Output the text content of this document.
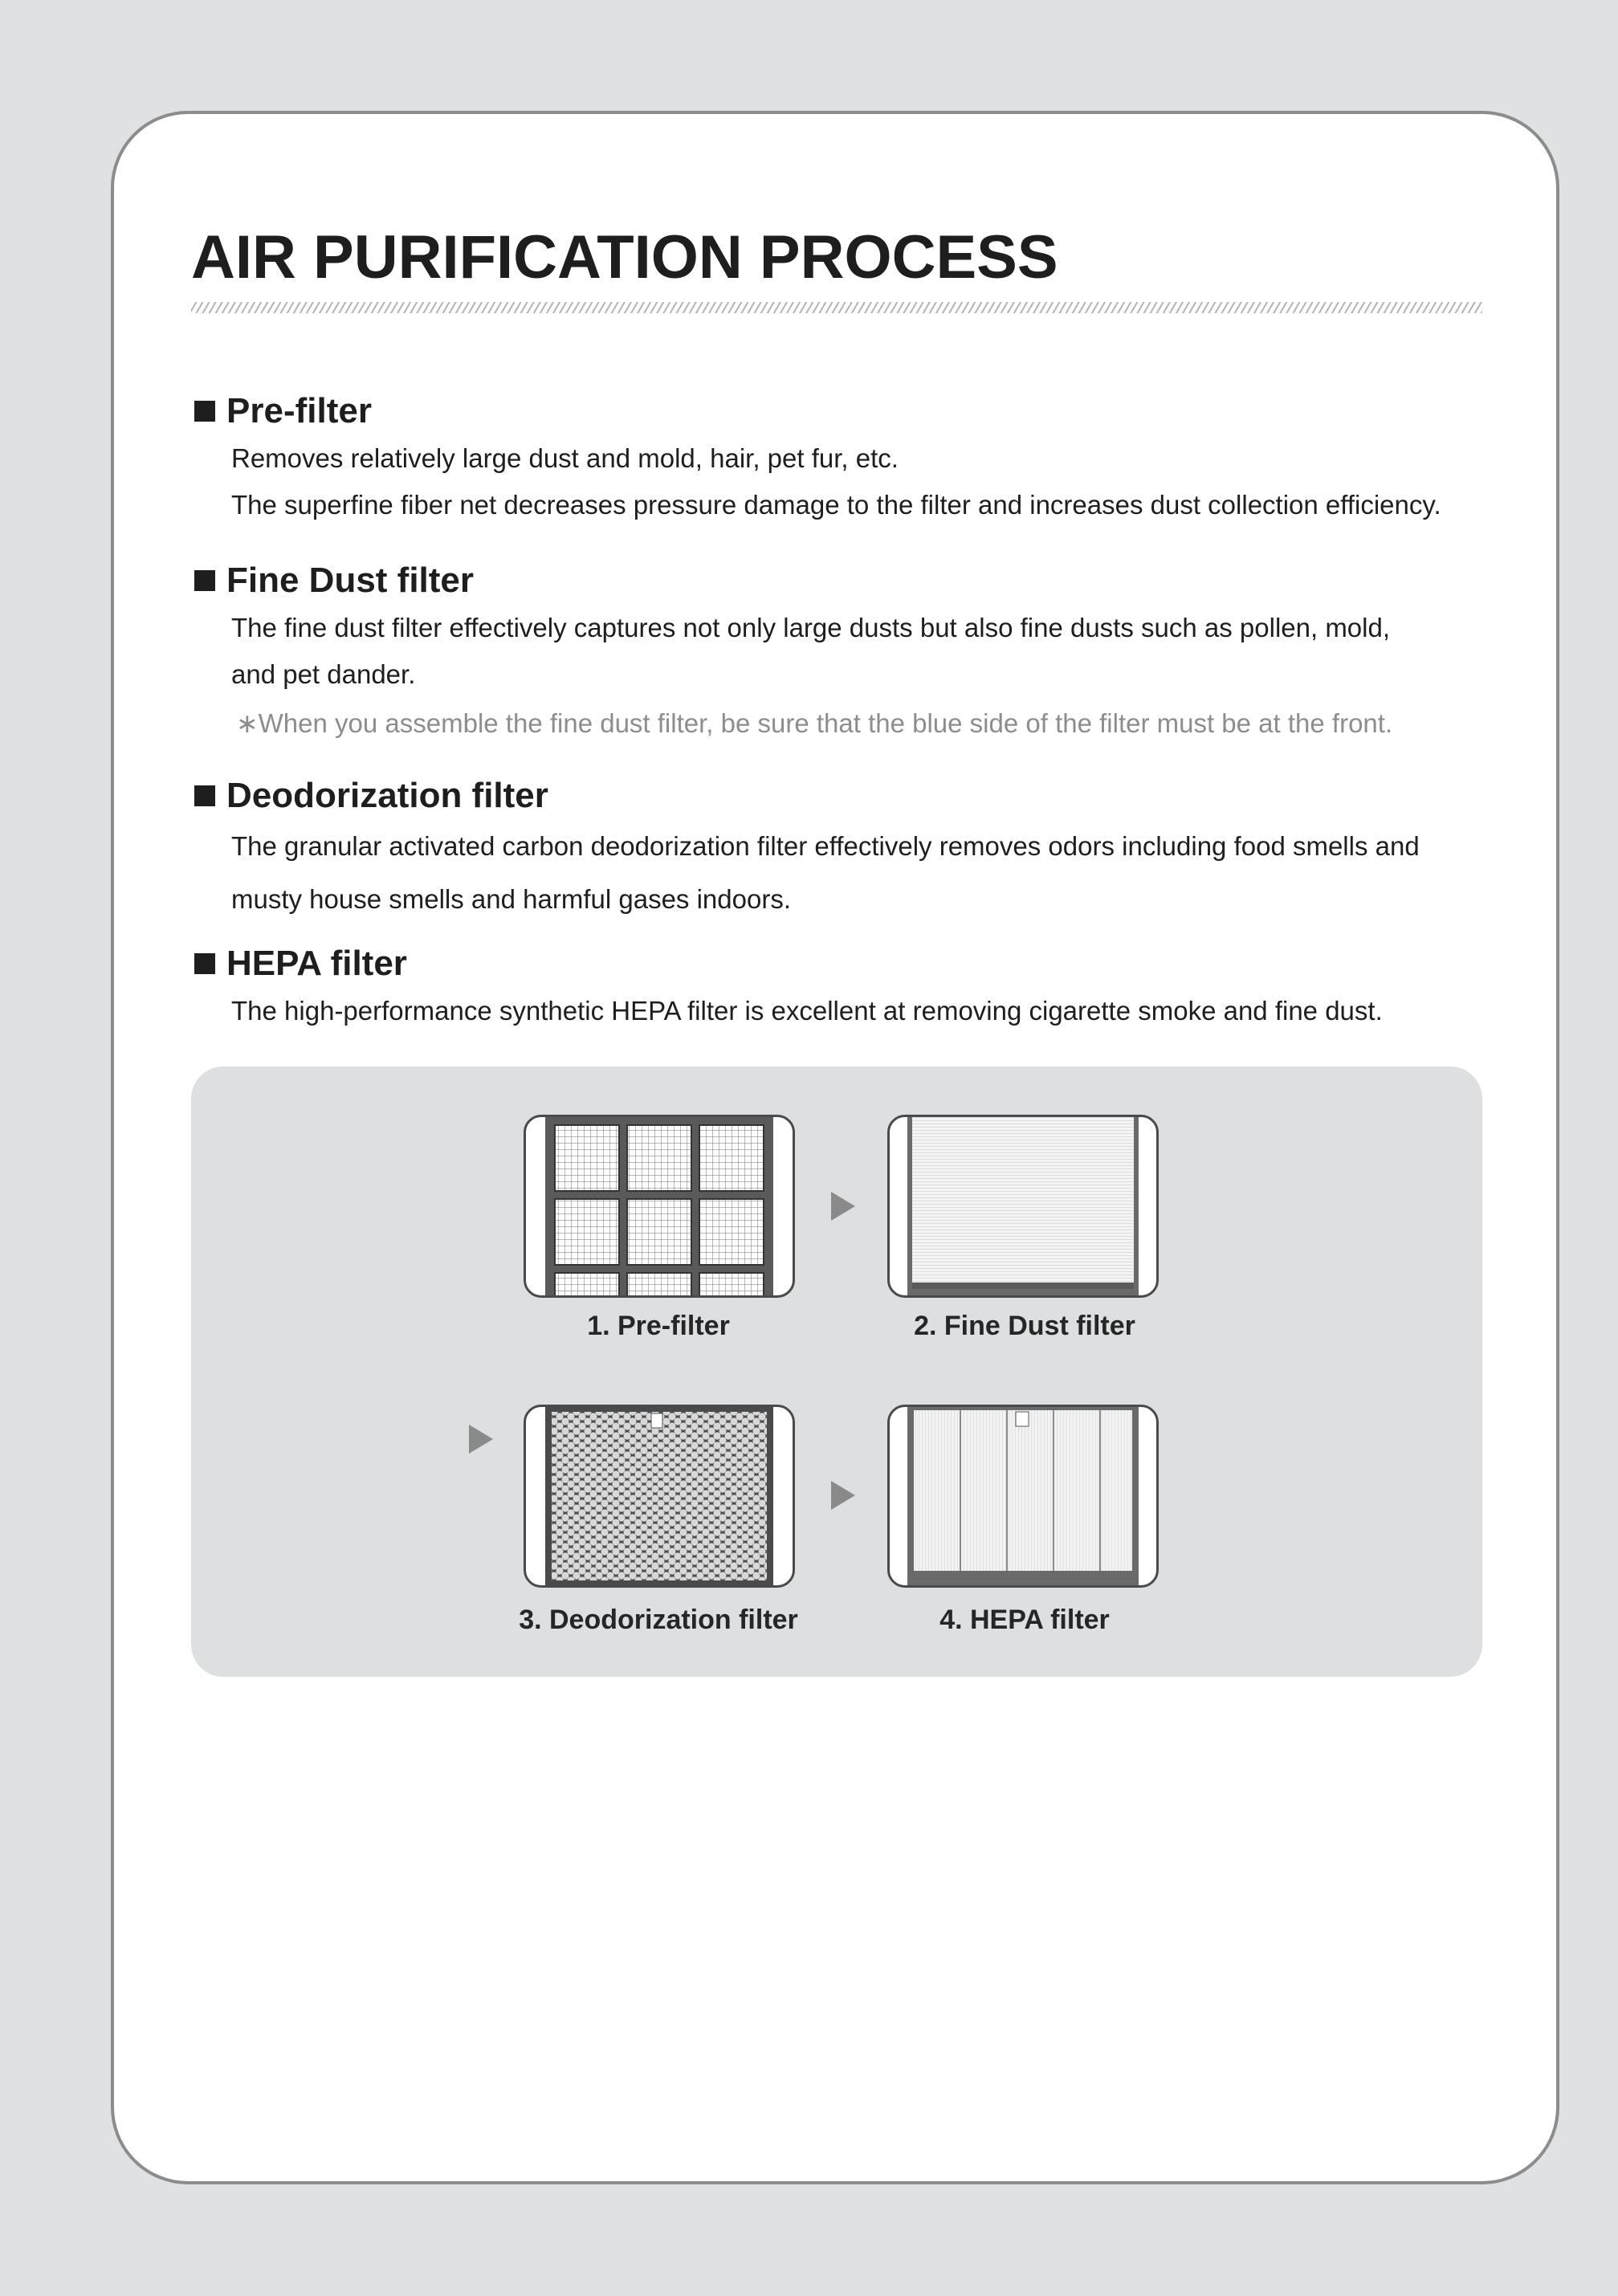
AIR PURIFICATION PROCESS
Pre-filter
Removes relatively large dust and mold, hair, pet fur, etc.
The superfine fiber net decreases pressure damage to the filter and increases dust collection efficiency.
Fine Dust filter
The fine dust filter effectively captures not only large dusts but also fine dusts such as pollen, mold,
and pet dander.
∗When you assemble the fine dust filter, be sure that the blue side of the filter must be at the front.
Deodorization filter
The granular activated carbon deodorization filter effectively removes odors including food smells and
musty house smells and harmful gases indoors.
HEPA filter
The high-performance synthetic HEPA filter is excellent at removing cigarette smoke and fine dust.
1. Pre-filter	2. Fine Dust filter
3. Deodorization filter	4. HEPA filter
